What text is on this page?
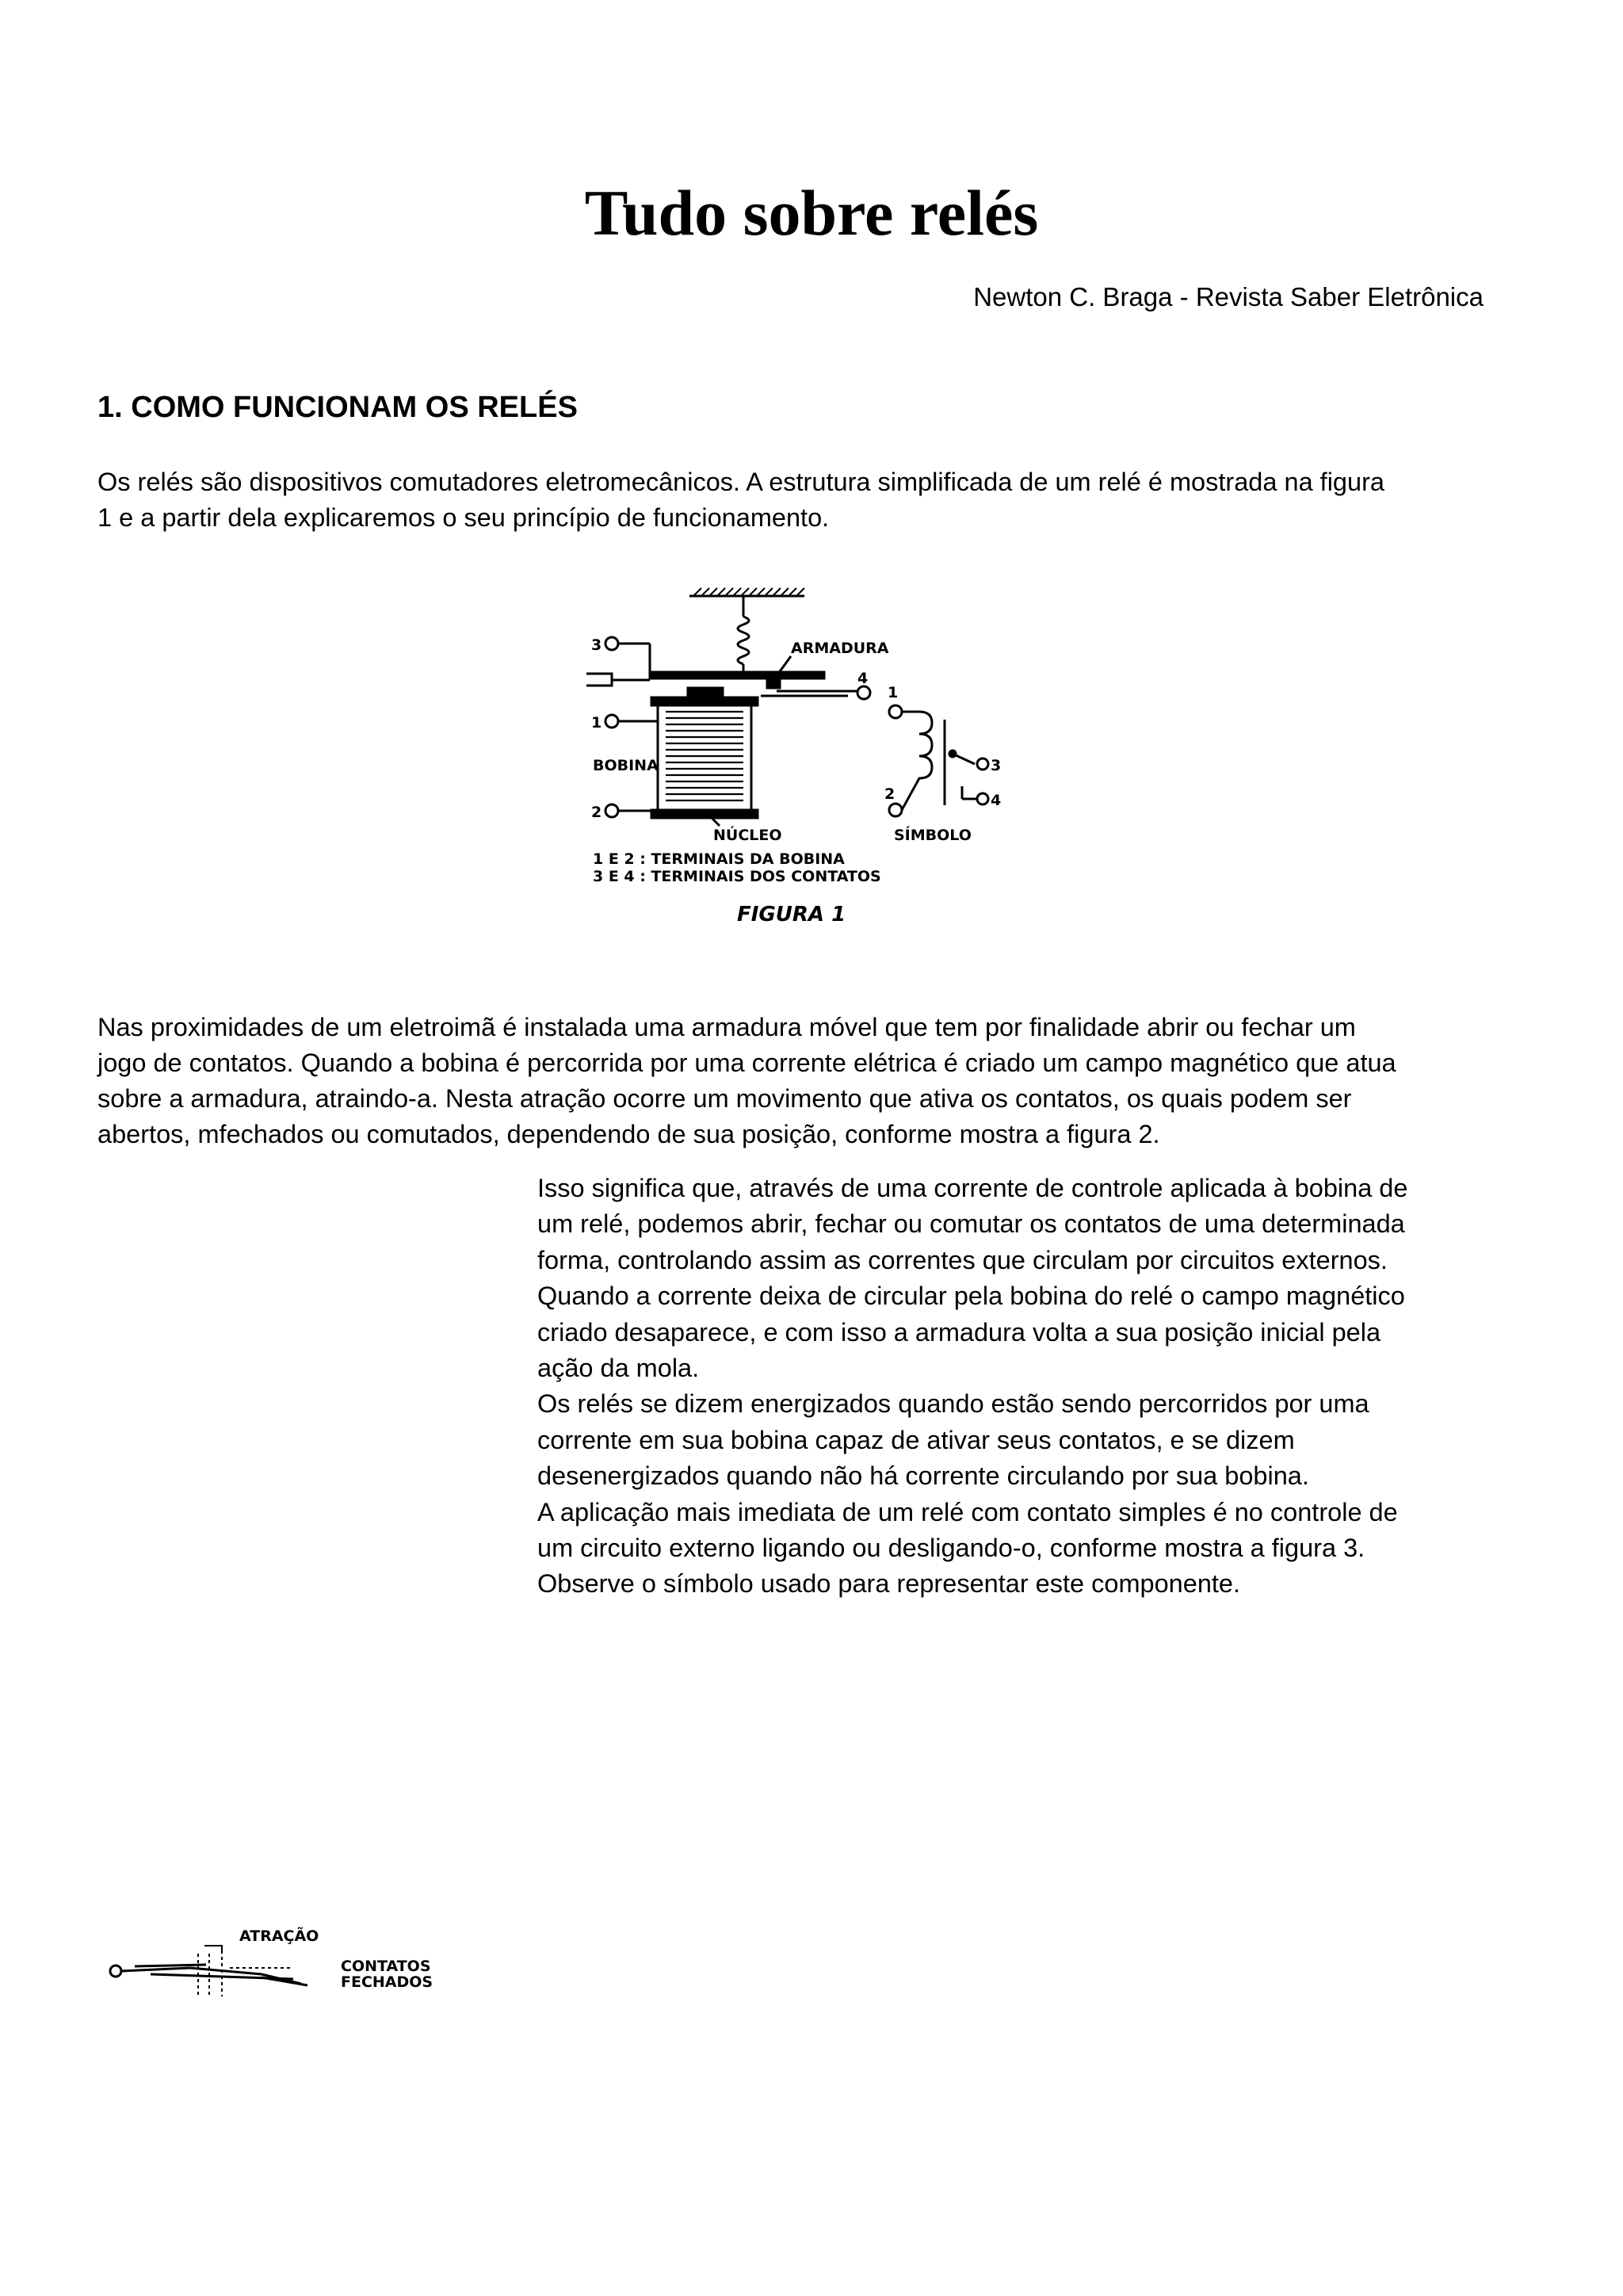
Tudo sobre relés
Newton C. Braga - Revista Saber Eletrônica
1. COMO FUNCIONAM OS RELÉS
Os relés são dispositivos comutadores eletromecânicos. A estrutura simplificada de um relé é mostrada na figura
1 e a partir dela explicaremos o seu princípio de funcionamento.
3
1
2
BOBINA
ARMADURA
4
1
2
3
4
NÚCLEO	SÍMBOLO
1 E 2 : TERMINAIS DA BOBINA
3 E 4 : TERMINAIS DOS CONTATOS
FIGURA 1
Nas proximidades de um eletroimã é instalada uma armadura móvel que tem por finalidade abrir ou fechar um
jogo de contatos. Quando a bobina é percorrida por uma corrente elétrica é criado um campo magnético que atua
sobre a armadura, atraindo-a. Nesta atração ocorre um movimento que ativa os contatos, os quais podem ser
abertos, mfechados ou comutados, dependendo de sua posição, conforme mostra a figura 2.
Isso significa que, através de uma corrente de controle aplicada à bobina de
um relé, podemos abrir, fechar ou comutar os contatos de uma determinada
forma, controlando assim as correntes que circulam por circuitos externos.
Quando a corrente deixa de circular pela bobina do relé o campo magnético
criado desaparece, e com isso a armadura volta a sua posição inicial pela
ação da mola.
Os relés se dizem energizados quando estão sendo percorridos por uma
corrente em sua bobina capaz de ativar seus contatos, e se dizem
desenergizados quando não há corrente circulando por sua bobina.
A aplicação mais imediata de um relé com contato simples é no controle de
um circuito externo ligando ou desligando-o, conforme mostra a figura 3.
Observe o símbolo usado para representar este componente.
ATRAÇÃO
CONTATOS
FECHADOS
